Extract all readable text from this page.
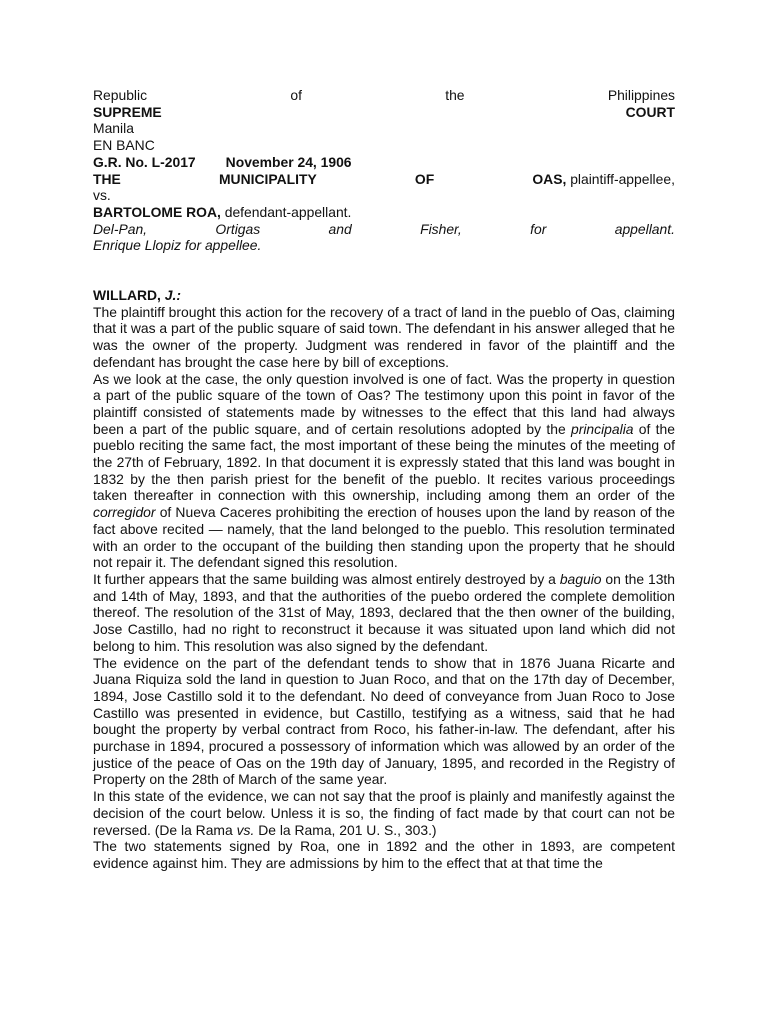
Republic	of	the	Philippines
SUPREME	COURT
Manila
EN BANC
G.R. No. L-2017 November 24, 1906
THE	MUNICIPALITY	OF	OAS, plaintiff-appellee,
vs.
BARTOLOME ROA, defendant-appellant.
Del-Pan,	Ortigas	and	Fisher,	for	appellant.
Enrique Llopiz for appellee.
WILLARD, J.:
The plaintiff brought this action for the recovery of a tract of land in the pueblo of Oas, claiming that it was a part of the public square of said town. The defendant in his answer alleged that he was the owner of the property. Judgment was rendered in favor of the plaintiff and the defendant has brought the case here by bill of exceptions.
As we look at the case, the only question involved is one of fact. Was the property in question a part of the public square of the town of Oas? The testimony upon this point in favor of the plaintiff consisted of statements made by witnesses to the effect that this land had always been a part of the public square, and of certain resolutions adopted by the principalia of the pueblo reciting the same fact, the most important of these being the minutes of the meeting of the 27th of February, 1892. In that document it is expressly stated that this land was bought in 1832 by the then parish priest for the benefit of the pueblo. It recites various proceedings taken thereafter in connection with this ownership, including among them an order of the corregidor of Nueva Caceres prohibiting the erection of houses upon the land by reason of the fact above recited — namely, that the land belonged to the pueblo. This resolution terminated with an order to the occupant of the building then standing upon the property that he should not repair it. The defendant signed this resolution.
It further appears that the same building was almost entirely destroyed by a baguio on the 13th and 14th of May, 1893, and that the authorities of the puebo ordered the complete demolition thereof. The resolution of the 31st of May, 1893, declared that the then owner of the building, Jose Castillo, had no right to reconstruct it because it was situated upon land which did not belong to him. This resolution was also signed by the defendant.
The evidence on the part of the defendant tends to show that in 1876 Juana Ricarte and Juana Riquiza sold the land in question to Juan Roco, and that on the 17th day of December, 1894, Jose Castillo sold it to the defendant. No deed of conveyance from Juan Roco to Jose Castillo was presented in evidence, but Castillo, testifying as a witness, said that he had bought the property by verbal contract from Roco, his father-in-law. The defendant, after his purchase in 1894, procured a possessory of information which was allowed by an order of the justice of the peace of Oas on the 19th day of January, 1895, and recorded in the Registry of Property on the 28th of March of the same year.
In this state of the evidence, we can not say that the proof is plainly and manifestly against the decision of the court below. Unless it is so, the finding of fact made by that court can not be reversed. (De la Rama vs. De la Rama, 201 U. S., 303.)
The two statements signed by Roa, one in 1892 and the other in 1893, are competent evidence against him. They are admissions by him to the effect that at that time the
